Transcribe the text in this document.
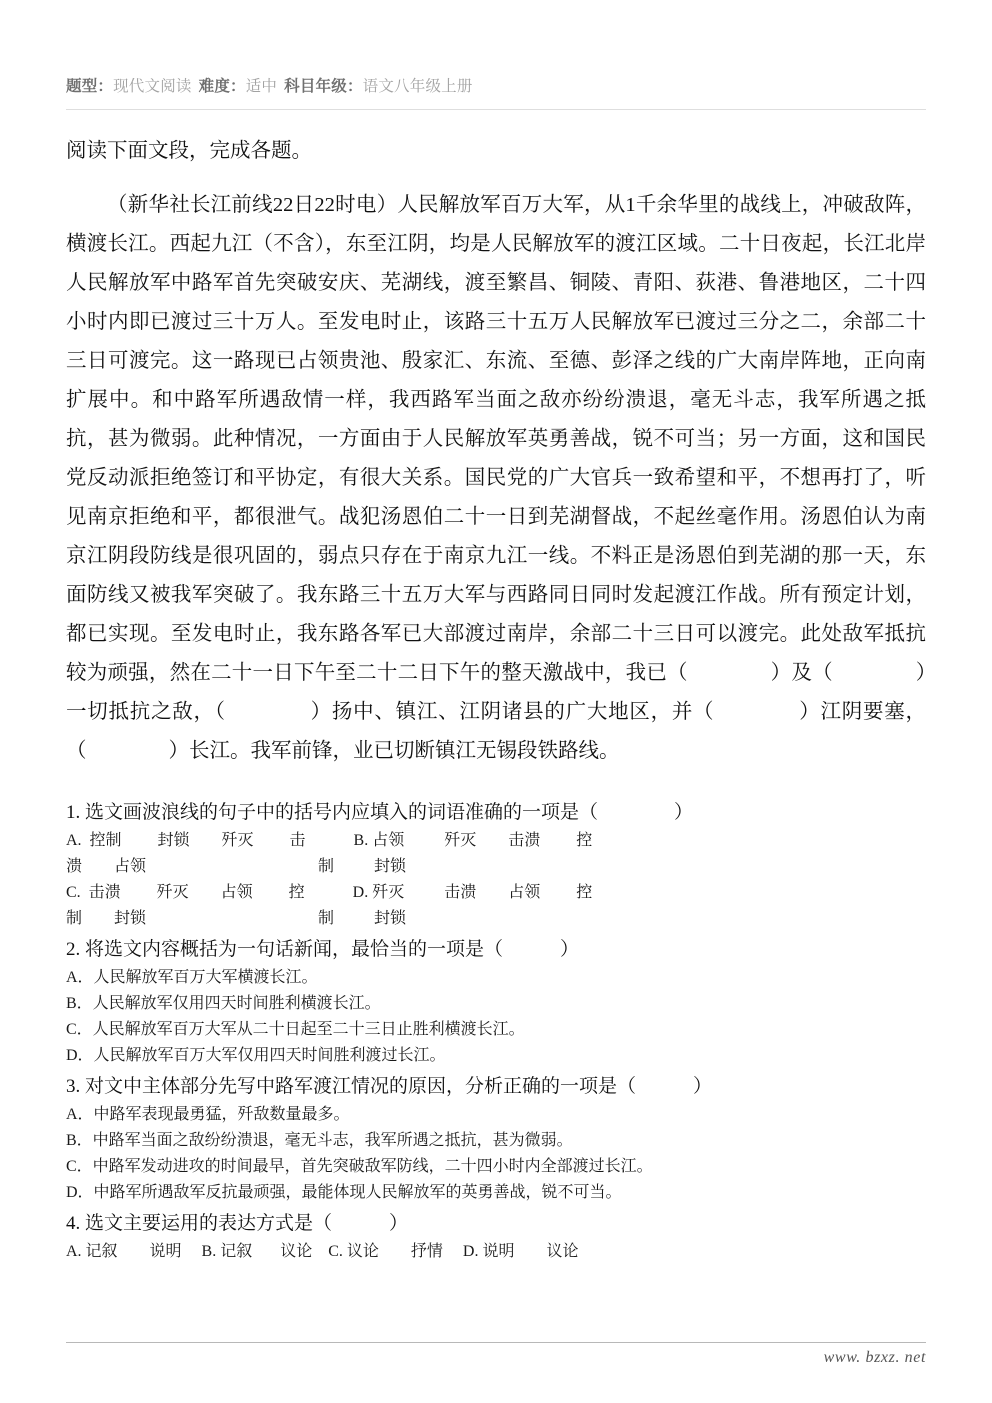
题型：现代文阅读 难度：适中 科目年级：语文八年级上册
阅读下面文段，完成各题。

（新华社长江前线22日22时电）人民解放军百万大军，从1千余华里的战线上，冲破敌阵，横渡长江。西起九江（不含），东至江阴，均是人民解放军的渡江区域。二十日夜起，长江北岸人民解放军中路军首先突破安庆、芜湖线，渡至繁昌、铜陵、青阳、荻港、鲁港地区，二十四小时内即已渡过三十万人。至发电时止，该路三十五万人民解放军已渡过三分之二，余部二十三日可渡完。这一路现已占领贵池、殷家汇、东流、至德、彭泽之线的广大南岸阵地，正向南扩展中。和中路军所遇敌情一样，我西路军当面之敌亦纷纷溃退，毫无斗志，我军所遇之抵抗，甚为微弱。此种情况，一方面由于人民解放军英勇善战，锐不可当；另一方面，这和国民党反动派拒绝签订和平协定，有很大关系。国民党的广大官兵一致希望和平，不想再打了，听见南京拒绝和平，都很泄气。战犯汤恩伯二十一日到芜湖督战，不起丝毫作用。汤恩伯认为南京江阴段防线是很巩固的，弱点只存在于南京九江一线。不料正是汤恩伯到芜湖的那一天，东面防线又被我军突破了。我东路三十五万大军与西路同日同时发起渡江作战。所有预定计划，都已实现。至发电时止，我东路各军已大部渡过南岸，余部二十三日可以渡完。此处敌军抵抗较为顽强，然在二十一日下午至二十二日下午的整天激战中，我已（　　　　）及（　　　　）一切抵抗之敌，（　　　　）扬中、镇江、江阴诸县的广大地区，并（　　　　）江阴要塞，（　　　　）长江。我军前锋，业已切断镇江无锡段铁路线。

1. 选文画波浪线的句子中的括号内应填入的词语准确的一项是（　　　　）
A.  控制         封锁        歼灭         击            B. 占领          歼灭        击溃         控
溃        占领                                           制          封锁
C.  击溃         歼灭        占领         控            D. 歼灭          击溃        占领         控
制        封锁                                           制          封锁
2. 将选文内容概括为一句话新闻，最恰当的一项是（　　　）
A．人民解放军百万大军横渡长江。
B．人民解放军仅用四天时间胜利横渡长江。
C．人民解放军百万大军从二十日起至二十三日止胜利横渡长江。
D．人民解放军百万大军仅用四天时间胜利渡过长江。
3. 对文中主体部分先写中路军渡江情况的原因，分析正确的一项是（　　　）
A．中路军表现最勇猛，歼敌数量最多。
B．中路军当面之敌纷纷溃退，毫无斗志，我军所遇之抵抗，甚为微弱。
C．中路军发动进攻的时间最早，首先突破敌军防线，二十四小时内全部渡过长江。
D．中路军所遇敌军反抗最顽强，最能体现人民解放军的英勇善战，锐不可当。
4. 选文主要运用的表达方式是（　　　）
A. 记叙        说明     B. 记叙       议论    C. 议论        抒情     D. 说明        议论
www. bzxz. net
